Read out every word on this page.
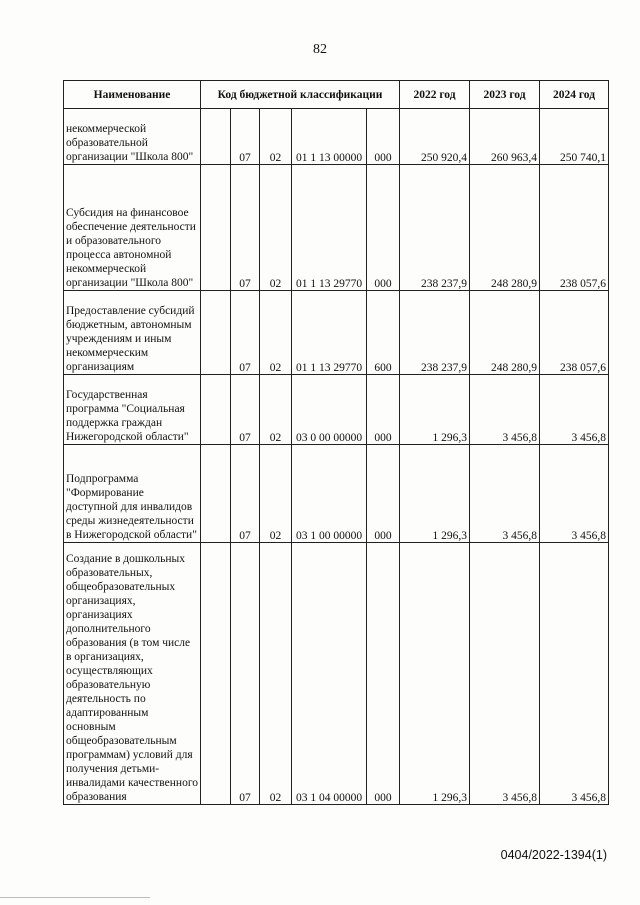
82
Наименование	Код бюджетной классификации					2022 год	2023 год	2024 год
некоммерческой образовательной организации "Школа 800"		07	02	01 1 13 00000	000	250 920,4	260 963,4	250 740,1
Субсидия на финансовое обеспечение деятельности и образовательного процесса автономной некоммерческой организации "Школа 800"		07	02	01 1 13 29770	000	238 237,9	248 280,9	238 057,6
Предоставление субсидий бюджетным, автономным учреждениям и иным некоммерческим организациям		07	02	01 1 13 29770	600	238 237,9	248 280,9	238 057,6
Государственная программа "Социальная поддержка граждан Нижегородской области"		07	02	03 0 00 00000	000	1 296,3	3 456,8	3 456,8
Подпрограмма "Формирование доступной для инвалидов среды жизнедеятельности в Нижегородской области"		07	02	03 1 00 00000	000	1 296,3	3 456,8	3 456,8
Создание в дошкольных образовательных, общеобразовательных организациях, организациях дополнительного образования (в том числе в организациях, осуществляющих образовательную деятельность по адаптированным основным общеобразовательным программам) условий для получения детьми-инвалидами качественного образования		07	02	03 1 04 00000	000	1 296,3	3 456,8	3 456,8
0404/2022-1394(1)
